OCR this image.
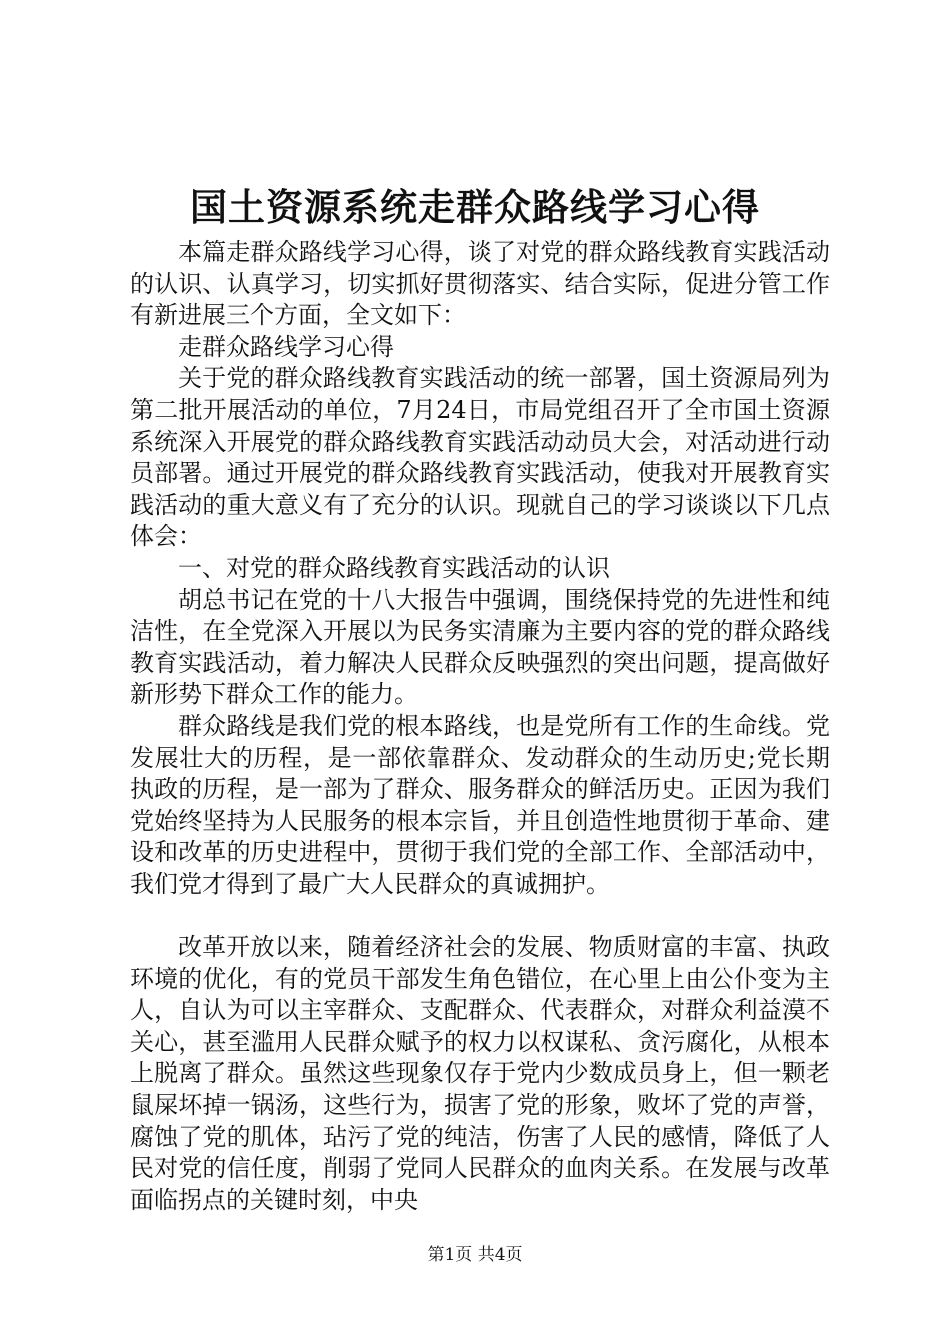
国土资源系统走群众路线学习心得

本篇走群众路线学习心得，谈了对党的群众路线教育实践活动的认识、认真学习，切实抓好贯彻落实、结合实际，促进分管工作有新进展三个方面，全文如下：

走群众路线学习心得

关于党的群众路线教育实践活动的统一部署，国土资源局列为第二批开展活动的单位，7月24日，市局党组召开了全市国土资源系统深入开展党的群众路线教育实践活动动员大会，对活动进行动员部署。通过开展党的群众路线教育实践活动，使我对开展教育实践活动的重大意义有了充分的认识。现就自己的学习谈谈以下几点体会：

一、对党的群众路线教育实践活动的认识

胡总书记在党的十八大报告中强调，围绕保持党的先进性和纯洁性，在全党深入开展以为民务实清廉为主要内容的党的群众路线教育实践活动，着力解决人民群众反映强烈的突出问题，提高做好新形势下群众工作的能力。

群众路线是我们党的根本路线，也是党所有工作的生命线。党发展壮大的历程，是一部依靠群众、发动群众的生动历史;党长期执政的历程，是一部为了群众、服务群众的鲜活历史。正因为我们党始终坚持为人民服务的根本宗旨，并且创造性地贯彻于革命、建设和改革的历史进程中，贯彻于我们党的全部工作、全部活动中，我们党才得到了最广大人民群众的真诚拥护。

改革开放以来，随着经济社会的发展、物质财富的丰富、执政环境的优化，有的党员干部发生角色错位，在心里上由公仆变为主人，自认为可以主宰群众、支配群众、代表群众，对群众利益漠不关心，甚至滥用人民群众赋予的权力以权谋私、贪污腐化，从根本上脱离了群众。虽然这些现象仅存于党内少数成员身上，但一颗老鼠屎坏掉一锅汤，这些行为，损害了党的形象，败坏了党的声誉，腐蚀了党的肌体，玷污了党的纯洁，伤害了人民的感情，降低了人民对党的信任度，削弱了党同人民群众的血肉关系。在发展与改革面临拐点的关键时刻，中央

第1页 共4页
